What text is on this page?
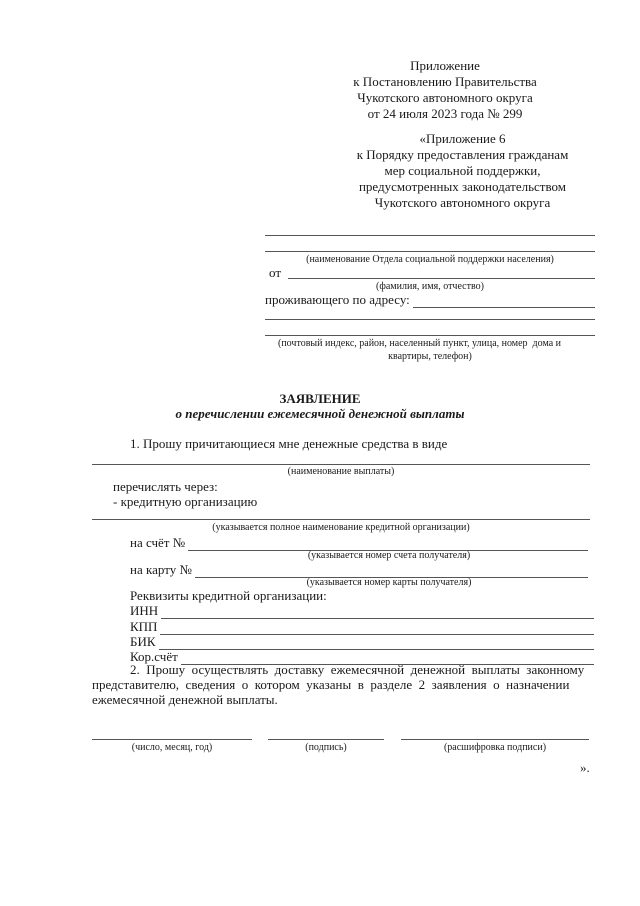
Приложение
к Постановлению Правительства
Чукотского автономного округа
от 24 июля 2023 года № 299
«Приложение 6
к Порядку предоставления гражданам
мер социальной поддержки,
предусмотренных законодательством
Чукотского автономного округа
(наименование Отдела социальной поддержки населения)
от
(фамилия, имя, отчество)
проживающего по адресу:
(почтовый индекс, район, населенный пункт, улица, номер  дома и
квартиры, телефон)
ЗАЯВЛЕНИЕ
о перечислении ежемесячной денежной выплаты
1. Прошу причитающиеся мне денежные средства в виде
(наименование выплаты)
перечислять через:
- кредитную организацию
(указывается полное наименование кредитной организации)
на счёт №
(указывается номер счета получателя)
на карту №
(указывается номер карты получателя)
Реквизиты кредитной организации:
ИНН
КПП
БИК
Кор.счёт
2.  Прошу  осуществлять  доставку  ежемесячной  денежной  выплаты  законному
представителю,  сведения  о  котором  указаны  в  разделе  2  заявления  о  назначении
ежемесячной денежной выплаты.
(число, месяц, год)	(подпись)	(расшифровка подписи)
».
